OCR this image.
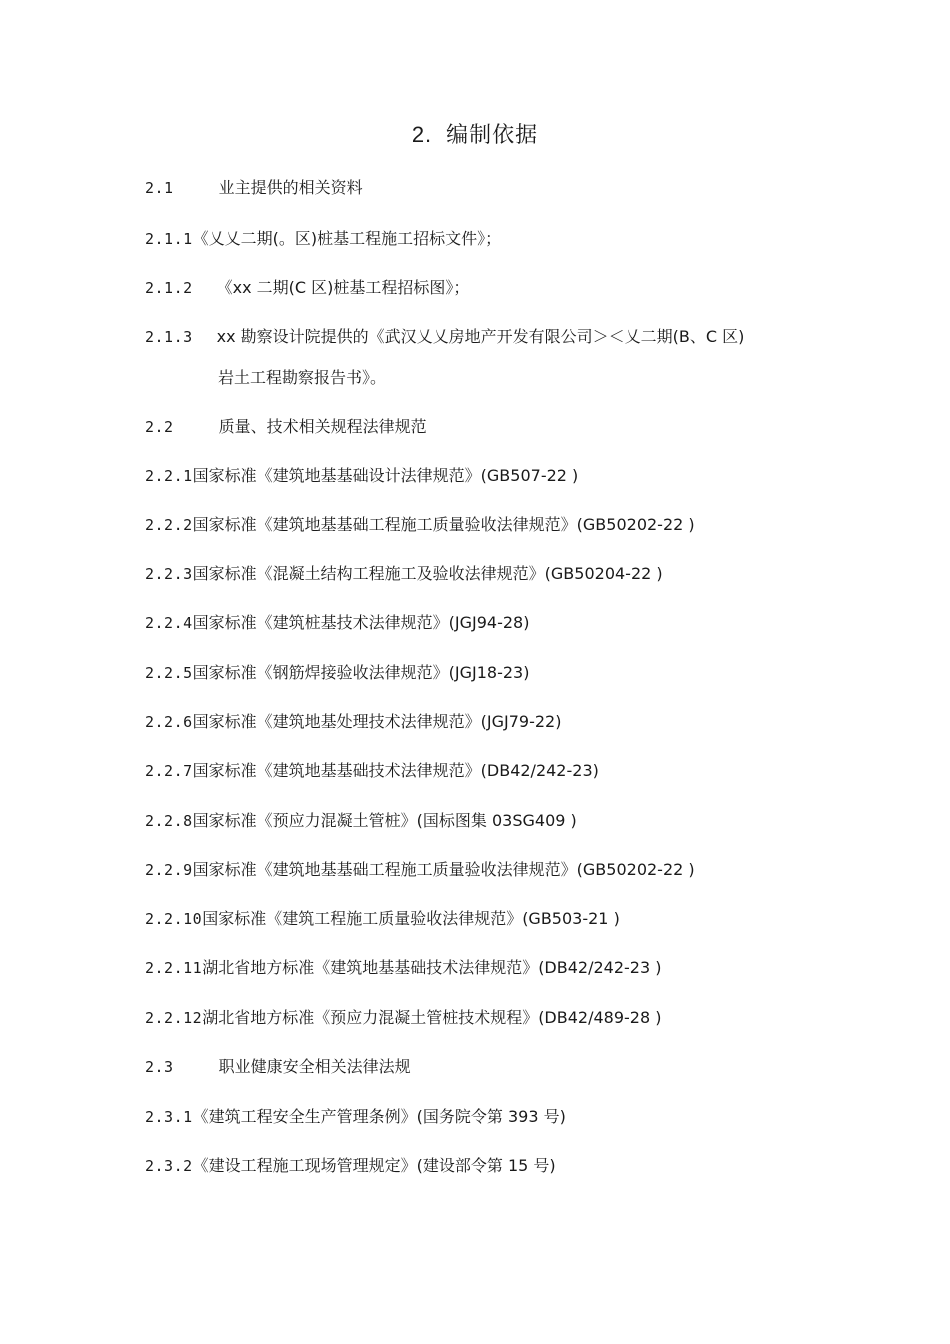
2. 编制依据
2.1	业主提供的相关资料
2.1.1《乂乂二期(。区)桩基工程施工招标文件》；
2.1.2 《xx 二期(C 区)桩基工程招标图》；
2.1.3 xx 勘察设计院提供的《武汉乂乂房地产开发有限公司＞＜乂二期(B、C 区)
岩土工程勘察报告书》。
2.2	质量、技术相关规程法律规范
2.2.1国家标准《建筑地基基础设计法律规范》(GB507-22 )
2.2.2国家标准《建筑地基基础工程施工质量验收法律规范》(GB50202-22 )
2.2.3国家标准《混凝土结构工程施工及验收法律规范》(GB50204-22 )
2.2.4国家标准《建筑桩基技术法律规范》(JGJ94-28)
2.2.5国家标准《钢筋焊接验收法律规范》(JGJ18-23)
2.2.6国家标准《建筑地基处理技术法律规范》(JGJ79-22)
2.2.7国家标准《建筑地基基础技术法律规范》(DB42/242-23)
2.2.8国家标准《预应力混凝土管桩》(国标图集 03SG409 )
2.2.9国家标准《建筑地基基础工程施工质量验收法律规范》(GB50202-22 )
2.2.10国家标准《建筑工程施工质量验收法律规范》(GB503-21 )
2.2.11湖北省地方标准《建筑地基基础技术法律规范》(DB42/242-23 )
2.2.12湖北省地方标准《预应力混凝土管桩技术规程》(DB42/489-28 )
2.3	职业健康安全相关法律法规
2.3.1《建筑工程安全生产管理条例》(国务院令第 393 号)
2.3.2《建设工程施工现场管理规定》(建设部令第 15 号)
